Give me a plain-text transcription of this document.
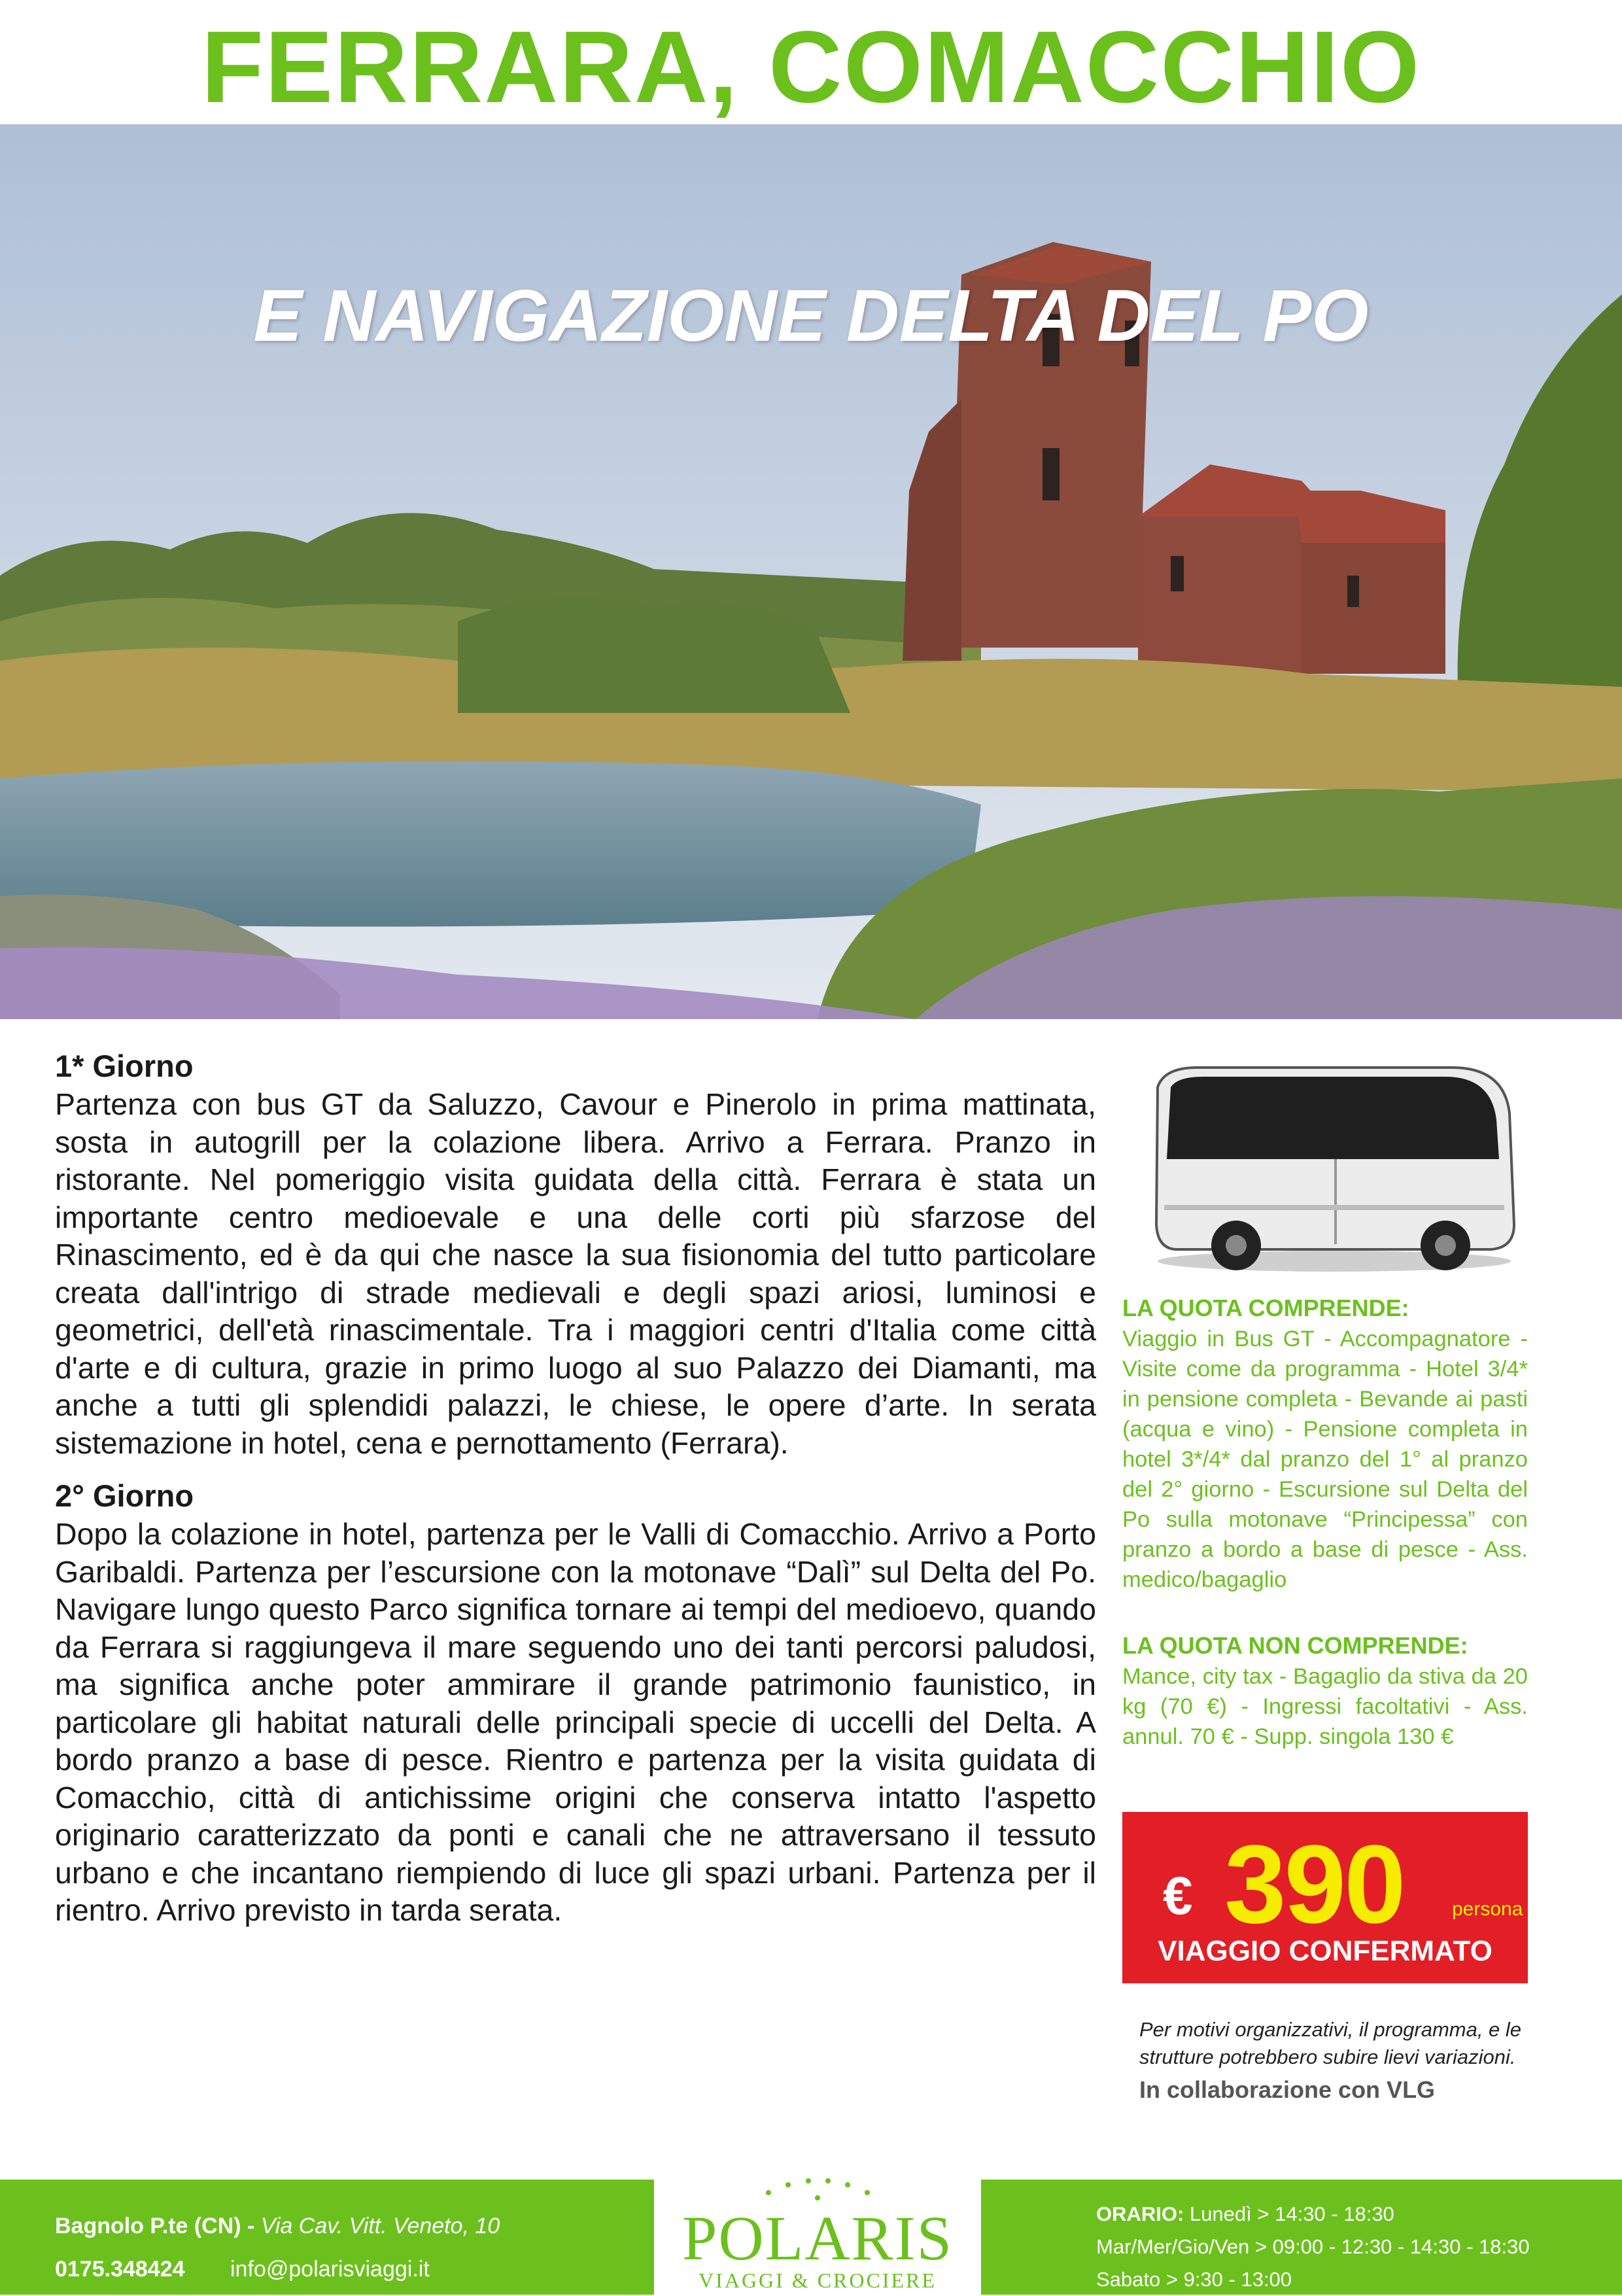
FERRARA, COMACCHIO
E NAVIGAZIONE DELTA DEL PO

1* Giorno

Partenza con bus GT da Saluzzo, Cavour e Pinerolo in prima mattinata, sosta in autogrill per la colazione libera. Arrivo a Ferrara. Pranzo in ristorante. Nel pomeriggio visita guidata della città. Ferrara è stata un importante centro medioevale e una delle corti più sfarzose del Rinascimento, ed è da qui che nasce la sua fisionomia del tutto particolare creata dall'intrigo di strade medievali e degli spazi ariosi, luminosi e geometrici, dell'età rinascimentale. Tra i maggiori centri d'Italia come città d'arte e di cultura, grazie in primo luogo al suo Palazzo dei Diamanti, ma anche a tutti gli splendidi palazzi, le chiese, le opere d’arte. In serata sistemazione in hotel, cena e pernottamento (Ferrara).

2° Giorno

Dopo la colazione in hotel, partenza per le Valli di Comacchio. Arrivo a Porto Garibaldi. Partenza per l’escursione con la motonave “Dalì” sul Delta del Po. Navigare lungo questo Parco significa tornare ai tempi del medioevo, quando da Ferrara si raggiungeva il mare seguendo uno dei tanti percorsi paludosi, ma significa anche poter ammirare il grande patrimonio faunistico, in particolare gli habitat naturali delle principali specie di uccelli del Delta. A bordo pranzo a base di pesce. Rientro e partenza per la visita guidata di Comacchio, città di antichissime origini che conserva intatto l'aspetto originario caratterizzato da ponti e canali che ne attraversano il tessuto urbano e che incantano riempiendo di luce gli spazi urbani. Partenza per il rientro. Arrivo previsto in tarda serata.

LA QUOTA COMPRENDE:
Viaggio in Bus GT - Accompagnatore - Visite come da programma - Hotel 3/4* in pensione completa - Bevande ai pasti (acqua e vino) - Pensione completa in hotel 3*/4* dal pranzo del 1° al pranzo del 2° giorno - Escursione sul Delta del Po sulla motonave “Principessa” con pranzo a bordo a base di pesce - Ass. medico/bagaglio
LA QUOTA NON COMPRENDE:
Mance, city tax - Bagaglio da stiva da 20 kg (70 €) - Ingressi facoltativi - Ass. annul. 70 € - Supp. singola 130 €
€ 390 persona
VIAGGIO CONFERMATO
Per motivi organizzativi, il programma, e le strutture potrebbero subire lievi variazioni.
In collaborazione con VLG
Bagnolo P.te (CN) - Via Cav. Vitt. Veneto, 10
0175.348424 info@polarisviaggi.it	POLARIS
VIAGGI & CROCIERE
ORARIO: Lunedì > 14:30 - 18:30
Mar/Mer/Gio/Ven > 09:00 - 12:30 - 14:30 - 18:30
Sabato > 9:30 - 13:00
